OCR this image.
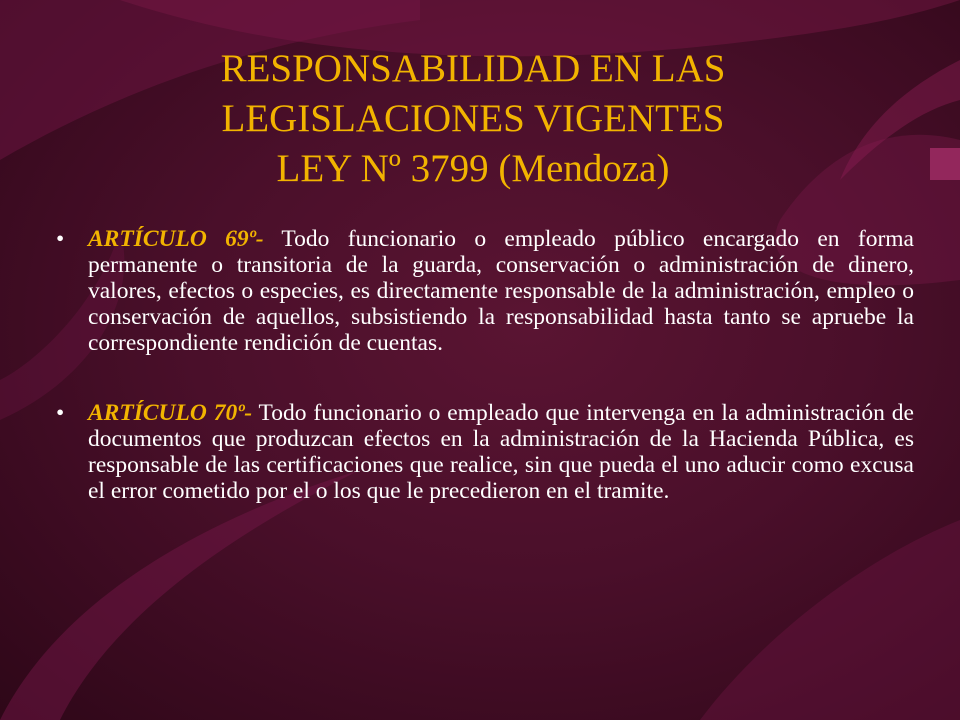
RESPONSABILIDAD EN LAS
LEGISLACIONES VIGENTES
LEY Nº 3799 (Mendoza)
• ARTÍCULO 69º- Todo funcionario o empleado público encargado en forma permanente o transitoria de la guarda, conservación o administración de dinero, valores, efectos o especies, es directamente responsable de la administración, empleo o conservación de aquellos, subsistiendo la responsabilidad hasta tanto se apruebe la correspondiente rendición de cuentas.
• ARTÍCULO 70º- Todo funcionario o empleado que intervenga en la administración de documentos que produzcan efectos en la administración de la Hacienda Pública, es responsable de las certificaciones que realice, sin que pueda el uno aducir como excusa el error cometido por el o los que le precedieron en el tramite.
